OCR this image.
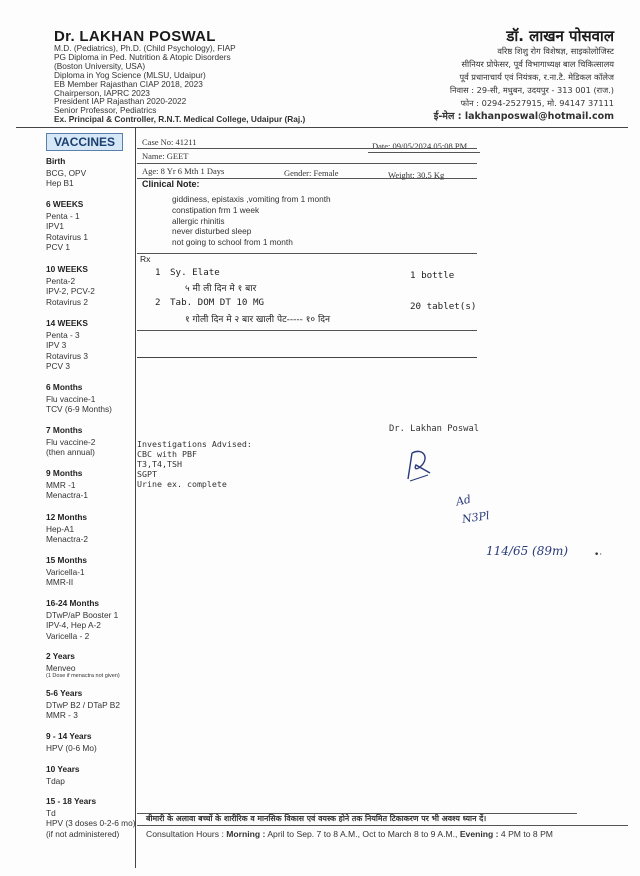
Dr. LAKHAN POSWAL
M.D. (Pediatrics), Ph.D. (Child Psychology), FIAP
PG Diploma in Ped. Nutrition & Atopic Disorders
(Boston University, USA)
Diploma in Yog Science (MLSU, Udaipur)
EB Member Rajasthan CIAP 2018, 2023
Chairperson, IAPRC 2023
President IAP Rajasthan 2020-2022
Senior Professor, Pediatrics
Ex. Principal & Controller, R.N.T. Medical College, Udaipur (Raj.)
डॉ. लाखन पोसवाल
वरिष्ठ शिशु रोग विशेषज्ञ, साइकोलोजिस्ट
सीनियर प्रोफेसर, पूर्व विभागाध्यक्ष बाल चिकित्सालय
पूर्व प्रधानाचार्य एवं नियंत्रक, र.ना.टै. मेडिकल कॉलेज
निवास : 29-सी, मधुबन, उदयपुर - 313 001 (राज.)
फोन : 0294-2527915, मो. 94147 37111
ई-मेल : lakhanposwal@hotmail.com
VACCINES
Birth
BCG, OPV
Hep B1
6 WEEKS
Penta - 1
IPV1
Rotavirus 1
PCV 1
10 WEEKS
Penta-2
IPV-2, PCV-2
Rotavirus 2
14 WEEKS
Penta - 3
IPV 3
Rotavirus 3
PCV 3
6 Months
Flu vaccine-1
TCV (6-9 Months)
7 Months
Flu vaccine-2
(then annual)
9 Months
MMR -1
Menactra-1
12 Months
Hep-A1
Menactra-2
15 Months
Varicella-1
MMR-II
16-24 Months
DTwP/aP Booster 1
IPV-4, Hep A-2
Varicella - 2
2 Years
Menveo
(1 Dose if menactra not given)
5-6 Years
DTwP B2 / DTaP B2
MMR - 3
9 - 14 Years
HPV (0-6 Mo)
10 Years
Tdap
15 - 18 Years
Td
HPV (3 doses 0-2-6 mo)
(if not administered)
Case No: 41211	Date: 09/05/2024 05:08 PM
Name: GEET
Age: 8 Yr 6 Mth 1 Days	Gender: Female	Weight: 30.5 Kg
Clinical Note:
giddiness, epistaxis ,vomiting from 1 month
constipation frm 1 week
allergic rhinitis
never disturbed sleep
not going to school from 1 month
Rx
1 Sy. Elate	1 bottle
५ मी ली दिन मे १ बार
2 Tab. DOM DT 10 MG	20 tablet(s)
१ गोली दिन मे २ बार खाली पेट----- १० दिन
Dr. Lakhan Poswal
Investigations Advised:
CBC with PBF
T3,T4,TSH
SGPT
Urine ex. complete
Ad
N3Pl
114/65 (89m)	•·
बीमारी के अलावा बच्चों के शारीरिक व मानसिक विकास एवं वयस्क होने तक नियमित टिकाकरण पर भी अवश्य ध्यान दें।
Consultation Hours : Morning : April to Sep. 7 to 8 A.M., Oct to March 8 to 9 A.M., Evening : 4 PM to 8 PM
